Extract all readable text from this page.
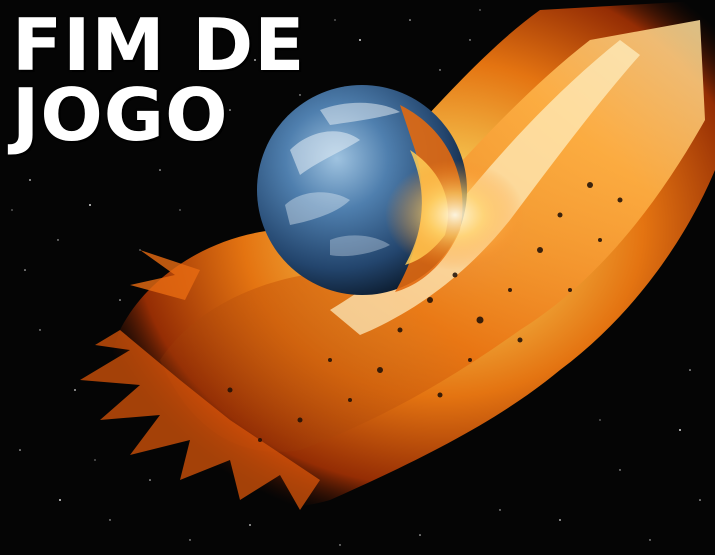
FIM DE
JOGO
